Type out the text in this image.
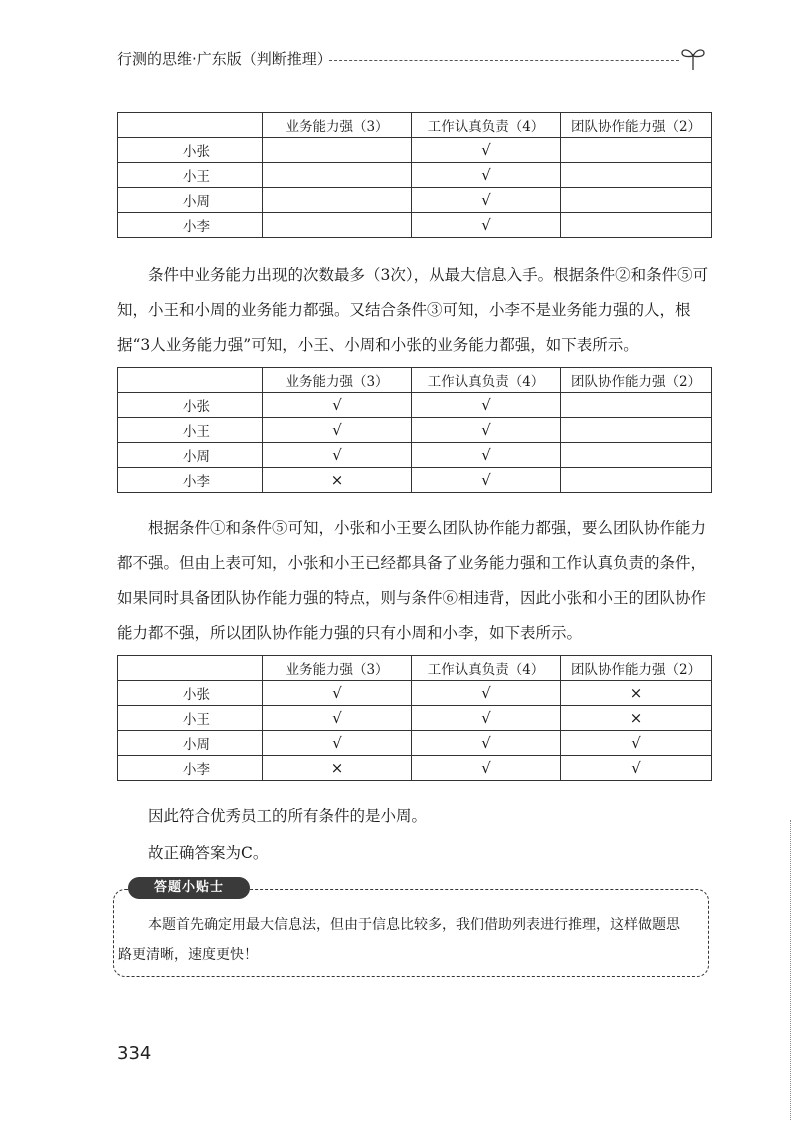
行测的思维·广东版（判断推理）
	业务能力强（3）	工作认真负责（4）	团队协作能力强（2）
小张		√	
小王		√	
小周		√	
小李		√	

条件中业务能力出现的次数最多（3次），从最大信息入手。根据条件②和条件⑤可知，小王和小周的业务能力都强。又结合条件③可知，小李不是业务能力强的人，根据“3人业务能力强”可知，小王、小周和小张的业务能力都强，如下表所示。

	业务能力强（3）	工作认真负责（4）	团队协作能力强（2）
小张	√	√	
小王	√	√	
小周	√	√	
小李	×	√	

根据条件①和条件⑤可知，小张和小王要么团队协作能力都强，要么团队协作能力都不强。但由上表可知，小张和小王已经都具备了业务能力强和工作认真负责的条件，如果同时具备团队协作能力强的特点，则与条件⑥相违背，因此小张和小王的团队协作能力都不强，所以团队协作能力强的只有小周和小李，如下表所示。

	业务能力强（3）	工作认真负责（4）	团队协作能力强（2）
小张	√	√	×
小王	√	√	×
小周	√	√	√
小李	×	√	√

因此符合优秀员工的所有条件的是小周。

故正确答案为C。

答题小贴士

本题首先确定用最大信息法，但由于信息比较多，我们借助列表进行推理，这样做题思路更清晰，速度更快！

334
